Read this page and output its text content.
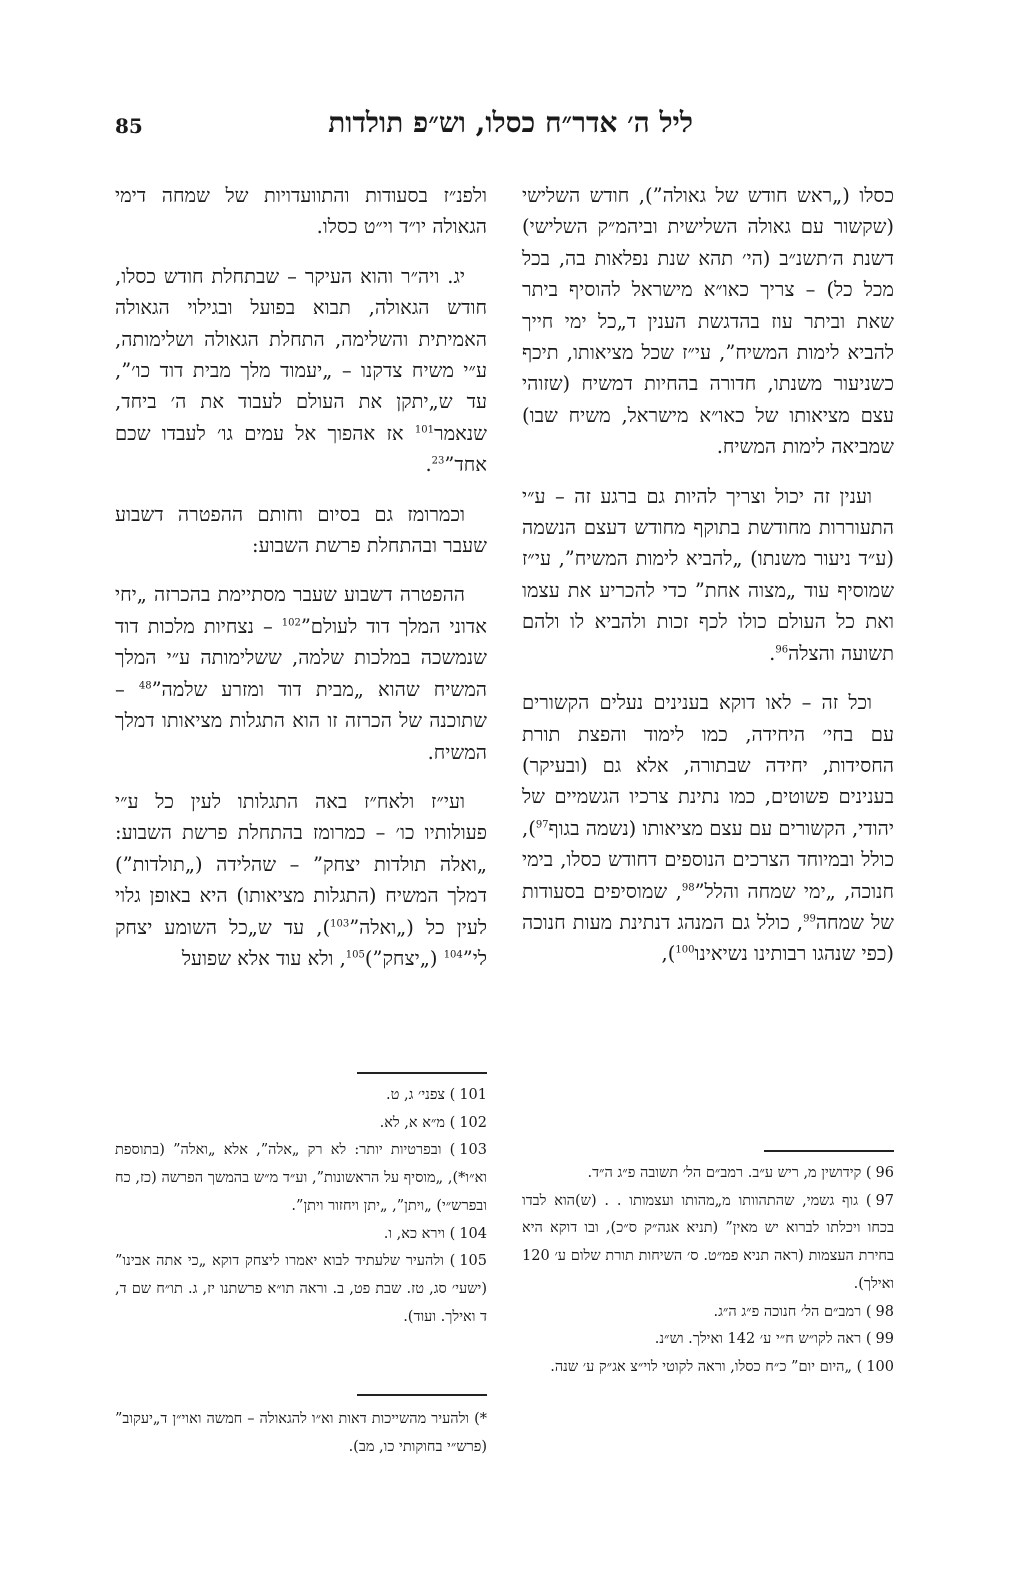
85	ליל ה׳ אדר״ח כסלו, וש״פ תולדות

כסלו („ראש חודש של גאולה”), חודש השלישי (שקשור עם גאולה השלישית וביהמ״ק השלישי) דשנת ה׳תשנ״ב (הי׳ תהא שנת נפלאות בה, בכל מכל כל) – צריך כאו״א מישראל להוסיף ביתר שאת וביתר עוז בהדגשת הענין ד„כל ימי חייך להביא לימות המשיח”, עי״ז שכל מציאותו, תיכף כשניעור משנתו, חדורה בהחיות דמשיח (שזוהי עצם מציאותו של כאו״א מישראל, משיח שבו) שמביאה לימות המשיח.

וענין זה יכול וצריך להיות גם ברגע זה – ע״י התעוררות מחודשת בתוקף מחודש דעצם הנשמה (ע״ד ניעור משנתו) „להביא לימות המשיח”, עי״ז שמוסיף עוד „מצוה אחת” כדי להכריע את עצמו ואת כל העולם כולו לכף זכות ולהביא לו ולהם תשועה והצלה$^{96}$.

וכל זה – לאו דוקא בענינים נעלים הקשורים עם בחי׳ היחידה, כמו לימוד והפצת תורת החסידות, יחידה שבתורה, אלא גם (ובעיקר) בענינים פשוטים, כמו נתינת צרכיו הגשמיים של יהודי, הקשורים עם עצם מציאותו (נשמה בגוף$^{97}$), כולל ובמיוחד הצרכים הנוספים דחודש כסלו, בימי חנוכה, „ימי שמחה והלל”$^{98}$, שמוסיפים בסעודות של שמחה$^{99}$, כולל גם המנהג דנתינת מעות חנוכה (כפי שנהגו רבותינו נשיאינו$^{100}$),

ולפנ״ז בסעודות והתוועדויות של שמחה דימי הגאולה יו״ד וי״ט כסלו.

יג. ויה״ר והוא העיקר – שבתחלת חודש כסלו, חודש הגאולה, תבוא בפועל ובגילוי הגאולה האמיתית והשלימה, התחלת הגאולה ושלימותה, ע״י משיח צדקנו – „יעמוד מלך מבית דוד כו׳”, עד ש„יתקן את העולם לעבוד את ה׳ ביחד, שנאמר$^{101}$ אז אהפוך אל עמים גו׳ לעבדו שכם אחד”$^{23}$.

וכמרומז גם בסיום וחותם ההפטרה דשבוע שעבר ובהתחלת פרשת השבוע:

ההפטרה דשבוע שעבר מסתיימת בהכרזה „יחי אדוני המלך דוד לעולם”$^{102}$ – נצחיות מלכות דוד שנמשכה במלכות שלמה, ששלימותה ע״י המלך המשיח שהוא „מבית דוד ומזרע שלמה”$^{48}$ – שתוכנה של הכרזה זו הוא התגלות מציאותו דמלך המשיח.

ועי״ז ולאח״ז באה התגלותו לעין כל ע״י פעולותיו כו׳ – כמרומז בהתחלת פרשת השבוע: „ואלה תולדות יצחק” – שהלידה („תולדות”) דמלך המשיח (התגלות מציאותו) היא באופן גלוי לעין כל („ואלה”$^{103}$), עד ש„כל השומע יצחק לי”$^{104}$ („יצחק”)$^{105}$, ולא עוד אלא שפועל

101) צפני׳ ג, ט.

102) מ״א א, לא.

103) ובפרטיות יותר: לא רק „אלה”, אלא „ואלה” (בתוספת וא״ו*), „מוסיף על הראשונות”, וע״ד מ״ש בהמשך הפרשה (כז, כח ובפרש״י) „ויתן”, „יתן ויחזור ויתן”.

104) וירא כא, ו.

105) ולהעיר שלעתיד לבוא יאמרו ליצחק דוקא „כי אתה אבינו” (ישעי׳ סג, טז. שבת פט, ב. וראה תו״א פרשתנו יז, ג. תו״ח שם ד, ד ואילך. ועוד).

*) ולהעיר מהשייכות דאות וא״ו להגאולה – חמשה ואוי״ן ד„יעקוב” (פרש״י בחוקותי כו, מב).

96) קידושין מ, ריש ע״ב. רמב״ם הל׳ תשובה פ״ג ה״ד.

97) גוף גשמי, שהתהוותו מ„מהותו ועצמותו . . (ש)הוא לבדו בכחו ויכלתו לברוא יש מאין” (תניא אגה״ק ס״כ), ובו דוקא היא בחירת העצמות (ראה תניא פמ״ט. ס׳ השיחות תורת שלום ע׳ 120 ואילך).

98) רמב״ם הל׳ חנוכה פ״ג ה״ג.

99) ראה לקו״ש ח״י ע׳ 142 ואילך. וש״נ.

100) „היום יום” כ״ח כסלו, וראה לקוטי לוי״צ אג״ק ע׳ שנה.
